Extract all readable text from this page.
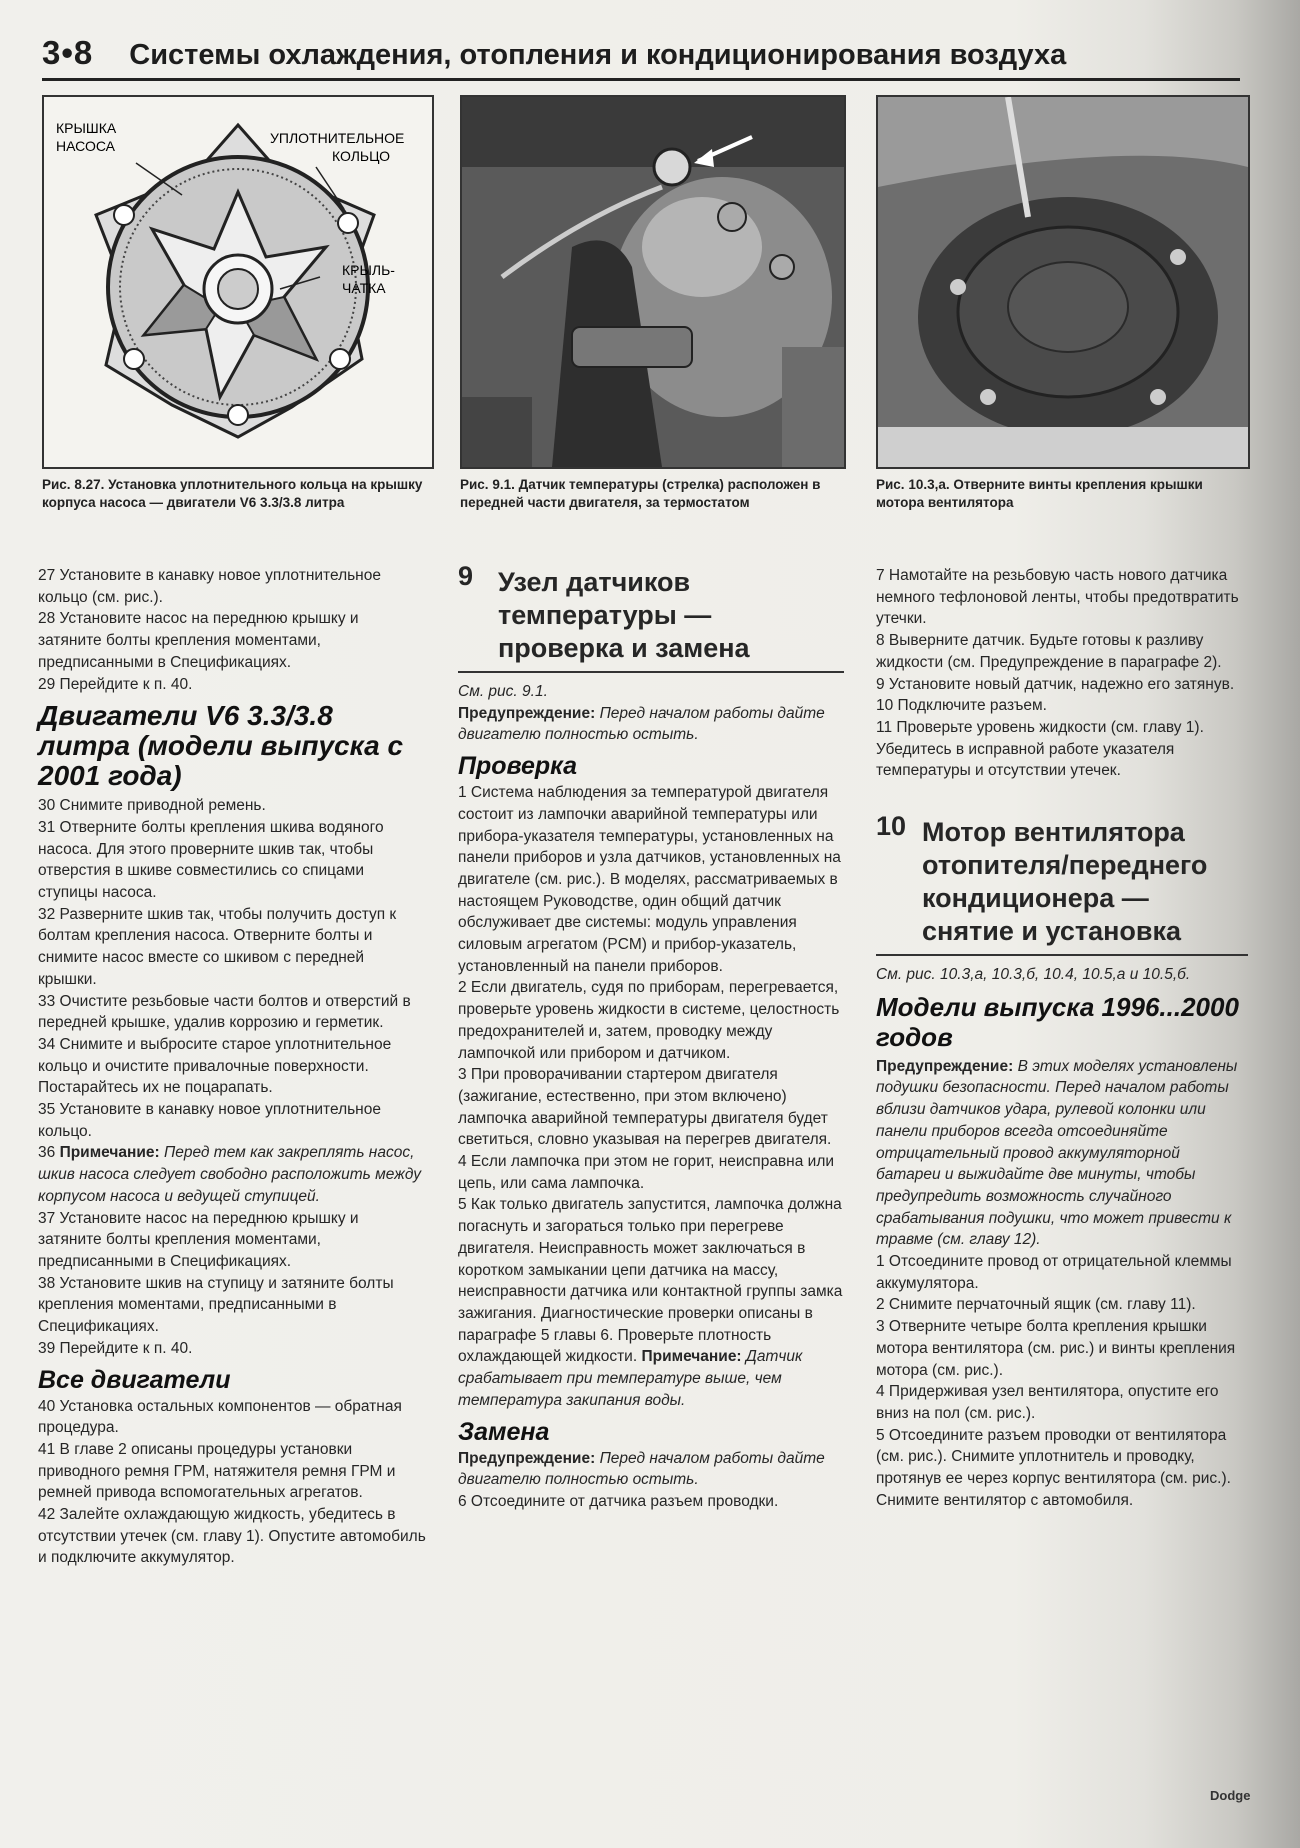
3•8 Системы охлаждения, отопления и кондиционирования воздуха
КРЫШКА
НАСОСА	УПЛОТНИТЕЛЬНОЕ
КОЛЬЦО
КРЫЛЬ-
ЧАТКА
Рис. 8.27. Установка уплотнительного кольца на крышку корпуса насоса — двигатели V6 3.3/3.8 литра
Рис. 9.1. Датчик температуры (стрелка) расположен в передней части двигателя, за термостатом
Рис. 10.3,а. Отверните винты крепления крышки мотора вентилятора

27 Установите в канавку новое уплотнительное кольцо (см. рис.).

28 Установите насос на переднюю крышку и затяните болты крепления моментами, предписанными в Спецификациях.

29 Перейдите к п. 40.

Двигатели V6 3.3/3.8 литра (модели выпуска с 2001 года)

30 Снимите приводной ремень.

31 Отверните болты крепления шкива водяного насоса. Для этого проверните шкив так, чтобы отверстия в шкиве совместились со спицами ступицы насоса.

32 Разверните шкив так, чтобы получить доступ к болтам крепления насоса. Отверните болты и снимите насос вместе со шкивом с передней крышки.

33 Очистите резьбовые части болтов и отверстий в передней крышке, удалив коррозию и герметик.

34 Снимите и выбросите старое уплотнительное кольцо и очистите привалочные поверхности. Постарайтесь их не поцарапать.

35 Установите в канавку новое уплотнительное кольцо.

36 Примечание: Перед тем как закреплять насос, шкив насоса следует свободно расположить между корпусом насоса и ведущей ступицей.

37 Установите насос на переднюю крышку и затяните болты крепления моментами, предписанными в Спецификациях.

38 Установите шкив на ступицу и затяните болты крепления моментами, предписанными в Спецификациях.

39 Перейдите к п. 40.

Все двигатели

40 Установка остальных компонентов — обратная процедура.

41 В главе 2 описаны процедуры установки приводного ремня ГРМ, натяжителя ремня ГРМ и ремней привода вспомогательных агрегатов.

42 Залейте охлаждающую жидкость, убедитесь в отсутствии утечек (см. главу 1). Опустите автомобиль и подключите аккумулятор.

9 Узел датчиков температуры — проверка и замена

См. рис. 9.1.

Предупреждение: Перед началом работы дайте двигателю полностью остыть.

Проверка

1 Система наблюдения за температурой двигателя состоит из лампочки аварийной температуры или прибора-указателя температуры, установленных на панели приборов и узла датчиков, установленных на двигателе (см. рис.). В моделях, рассматриваемых в настоящем Руководстве, один общий датчик обслуживает две системы: модуль управления силовым агрегатом (PCM) и прибор-указатель, установленный на панели приборов.

2 Если двигатель, судя по приборам, перегревается, проверьте уровень жидкости в системе, целостность предохранителей и, затем, проводку между лампочкой или прибором и датчиком.

3 При проворачивании стартером двигателя (зажигание, естественно, при этом включено) лампочка аварийной температуры двигателя будет светиться, словно указывая на перегрев двигателя.

4 Если лампочка при этом не горит, неисправна или цепь, или сама лампочка.

5 Как только двигатель запустится, лампочка должна погаснуть и загораться только при перегреве двигателя. Неисправность может заключаться в коротком замыкании цепи датчика на массу, неисправности датчика или контактной группы замка зажигания. Диагностические проверки описаны в параграфе 5 главы 6. Проверьте плотность охлаждающей жидкости. Примечание: Датчик срабатывает при температуре выше, чем температура закипания воды.

Замена

Предупреждение: Перед началом работы дайте двигателю полностью остыть.

6 Отсоедините от датчика разъем проводки.

7 Намотайте на резьбовую часть нового датчика немного тефлоновой ленты, чтобы предотвратить утечки.

8 Выверните датчик. Будьте готовы к разливу жидкости (см. Предупреждение в параграфе 2).

9 Установите новый датчик, надежно его затянув.

10 Подключите разъем.

11 Проверьте уровень жидкости (см. главу 1). Убедитесь в исправной работе указателя температуры и отсутствии утечек.

10 Мотор вентилятора отопителя/переднего кондиционера — снятие и установка

См. рис. 10.3,а, 10.3,б, 10.4, 10.5,а и 10.5,б.

Модели выпуска 1996...2000 годов

Предупреждение: В этих моделях установлены подушки безопасности. Перед началом работы вблизи датчиков удара, рулевой колонки или панели приборов всегда отсоединяйте отрицательный провод аккумуляторной батареи и выжидайте две минуты, чтобы предупредить возможность случайного срабатывания подушки, что может привести к травме (см. главу 12).

1 Отсоедините провод от отрицательной клеммы аккумулятора.

2 Снимите перчаточный ящик (см. главу 11).

3 Отверните четыре болта крепления крышки мотора вентилятора (см. рис.) и винты крепления мотора (см. рис.).

4 Придерживая узел вентилятора, опустите его вниз на пол (см. рис.).

5 Отсоедините разъем проводки от вентилятора (см. рис.). Снимите уплотнитель и проводку, протянув ее через корпус вентилятора (см. рис.). Снимите вентилятор с автомобиля.

Dodge
